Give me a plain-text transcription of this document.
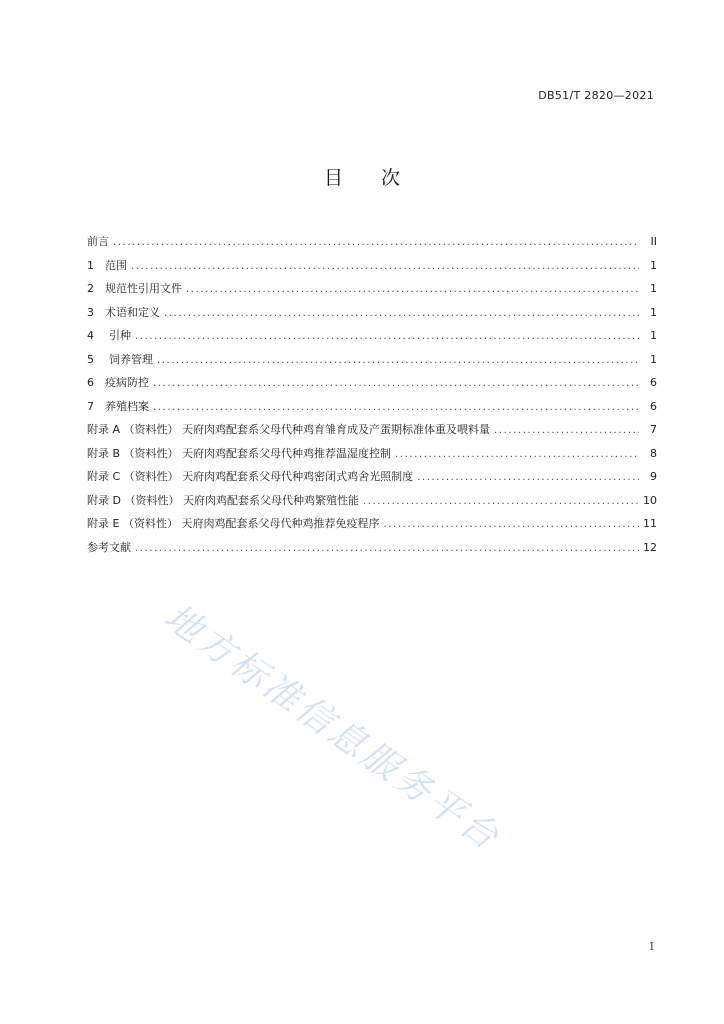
DB51/T 2820—2021
目 次
前言 .....	II
1 范围 .....	1
2 规范性引用文件 .....	1
3 术语和定义 .....	1
4 引种 .....	1
5 饲养管理 .....	1
6 疫病防控 .....	6
7 养殖档案 .....	6
附录 A （资料性） 天府肉鸡配套系父母代种鸡育雏育成及产蛋期标准体重及喂料量 .....	7
附录 B （资料性） 天府肉鸡配套系父母代种鸡推荐温湿度控制 .....	8
附录 C （资料性） 天府肉鸡配套系父母代种鸡密闭式鸡舍光照制度 .....	9
附录 D （资料性） 天府肉鸡配套系父母代种鸡繁殖性能 .....	10
附录 E （资料性） 天府肉鸡配套系父母代种鸡推荐免疫程序 .....	11
参考文献 .....	12
地方标准信息服务平台
I
